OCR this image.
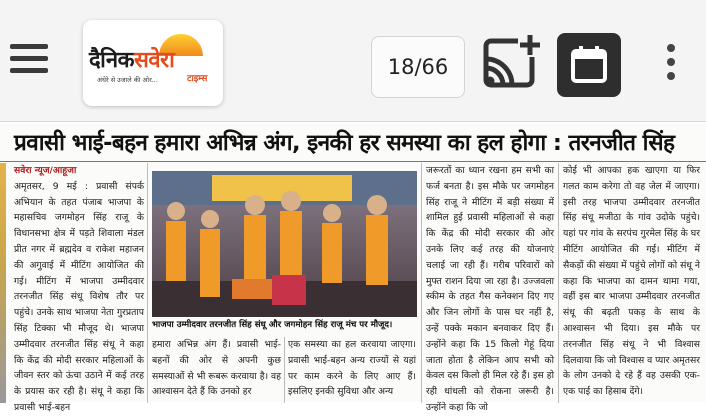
दैनिकसवेरा
अंधेरे से उजाले की ओर...	टाइम्स	18/66
प्रवासी भाई-बहन हमारा अभिन्न अंग, इनकी हर समस्या का हल होगा : तरनजीत सिंह
सवेरा न्यूज/आहूजा
अमृतसर, 9 मई : प्रवासी संपर्क अभियान के तहत पंजाब भाजपा के महासचिव जगमोहन सिंह राजू के विधानसभा क्षेत्र में पड़ते शिवाला मंडल प्रीत नगर में ब्रह्मदेव व राकेश महाजन की अगुवाई में मीटिंग आयोजित की गई। मीटिंग में भाजपा उम्मीदवार तरनजीत सिंह संधू विशेष तौर पर पहुंचे। उनके साथ भाजपा नेता गुरप्रताप सिंह टिक्का भी मौजूद थे। भाजपा उम्मीदवार तरनजीत सिंह संधू ने कहा कि केंद्र की मोदी सरकार महिलाओं के जीवन स्तर को ऊंचा उठाने में कई तरह के प्रयास कर रही है। संधू ने कहा कि प्रवासी भाई-बहन
भाजपा उम्मीदवार तरनजीत सिंह संधू और जगमोहन सिंह राजू मंच पर मौजूद।
हमारा अभिन्न अंग हैं। प्रवासी भाई-बहनों की ओर से अपनी कुछ समस्याओं से भी रूबरू करवाया है। वह आश्वासन देते हैं कि उनको हर
एक समस्या का हल करवाया जाएगा। प्रवासी भाई-बहन अन्य राज्यों से यहां पर काम करने के लिए आए हैं। इसलिए इनकी सुविधा और अन्य
जरूरतों का ध्यान रखना हम सभी का फर्ज बनता है। इस मौके पर जगमोहन सिंह राजू ने मीटिंग में बड़ी संख्या में शामिल हुई प्रवासी महिलाओं से कहा कि केंद्र की मोदी सरकार की ओर उनके लिए कई तरह की योजनाएं चलाई जा रही हैं। गरीब परिवारों को मुफ्त राशन दिया जा रहा है। उज्जवला स्कीम के तहत गैस कनेक्शन दिए गए और जिन लोगों के पास घर नहीं है, उन्हें पक्के मकान बनवाकर दिए हैं। उन्होंने कहा कि 15 किलो गेहूं दिया जाता होता है लेकिन आप सभी को केवल दस किलो ही मिल रहे हैं। इस हो रही धांधली को रोकना जरूरी है। उन्होंने कहा कि जो
कोई भी आपका हक खाएगा या फिर गलत काम करेगा तो वह जेल में जाएगा। इसी तरह भाजपा उम्मीदवार तरनजीत सिंह संधू मजीठा के गांव उदोके पहुंचे। यहां पर गांव के सरपंच गुरमेल सिंह के घर मीटिंग आयोजित की गई। मीटिंग में सैकड़ों की संख्या में पहुंचे लोगों को संधू ने कहा कि भाजपा का दामन थामा गया, वहीं इस बार भाजपा उम्मीदवार तरनजीत संधू की बढ़ती पकड़ के साथ के आश्वासन भी दिया। इस मौके पर तरनजीत सिंह संधू ने भी विश्वास दिलवाया कि जो विश्वास व प्यार अमृतसर के लोग उनको दे रहे हैं वह उसकी एक-एक पाई का हिसाब देंगे।
